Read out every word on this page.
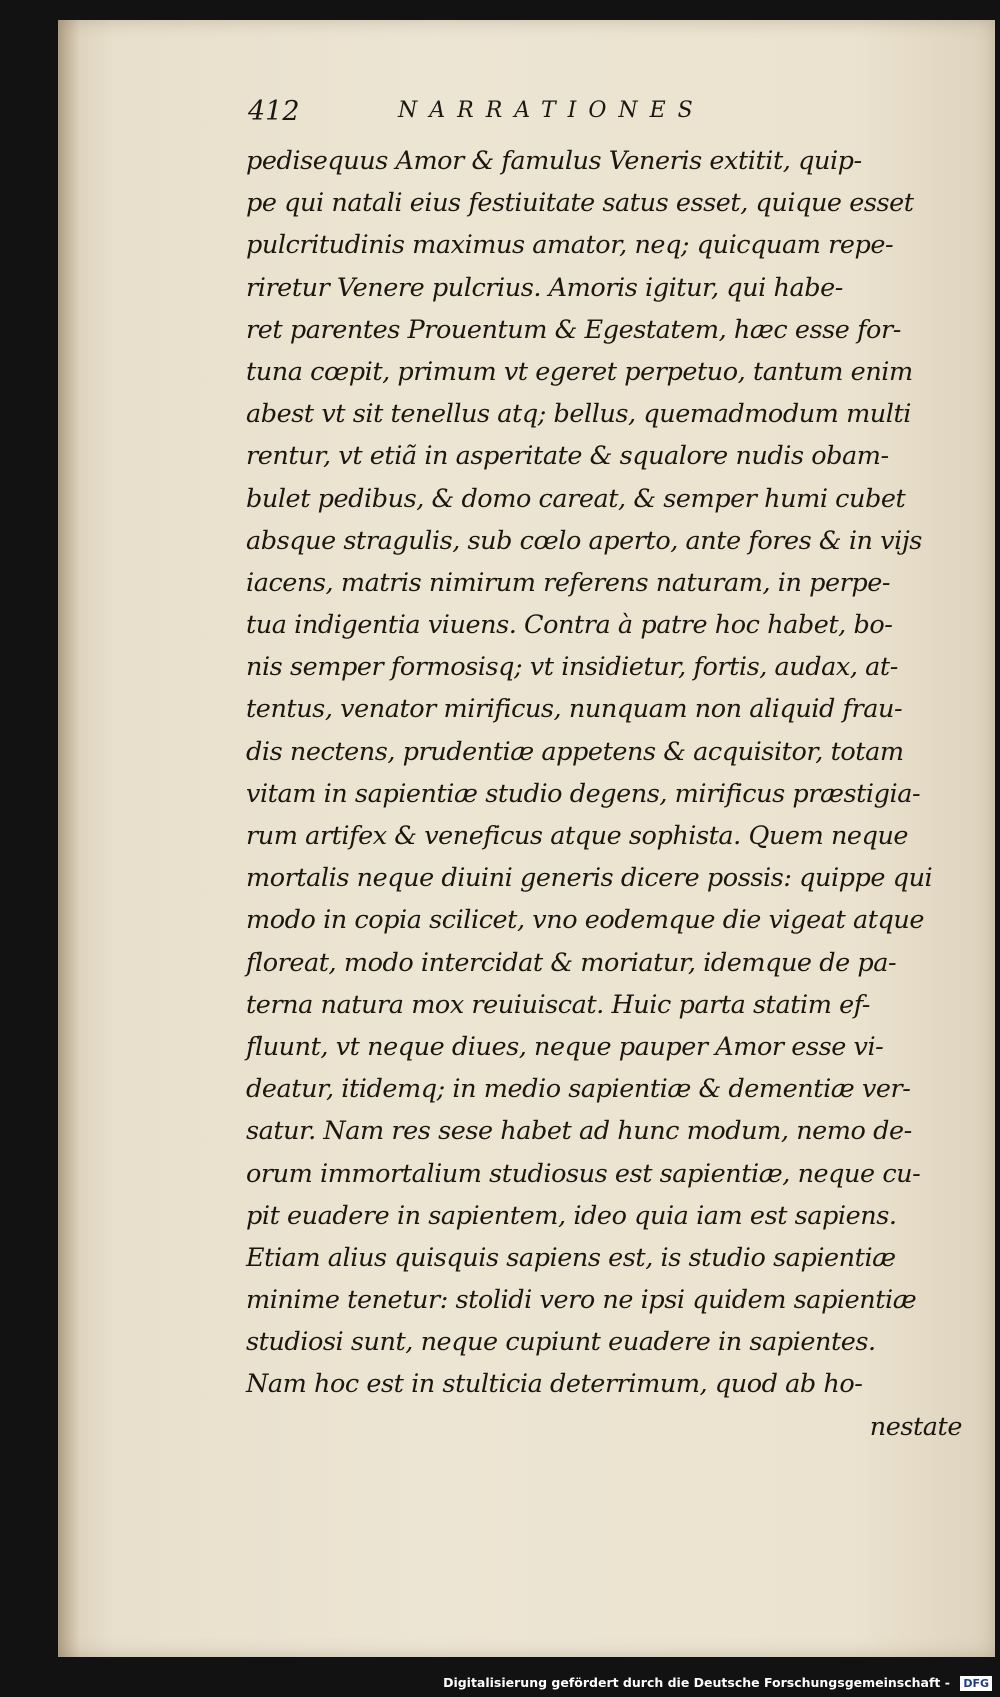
412	NARRATIONES
pedisequus Amor & famulus Veneris extitit, quip-
pe qui natali eius festiuitate satus esset, quique esset
pulcritudinis maximus amator, neq; quicquam repe-
riretur Venere pulcrius. Amoris igitur, qui habe-
ret parentes Prouentum & Egestatem, hæc esse for-
tuna cœpit, primum vt egeret perpetuo, tantum enim
abest vt sit tenellus atq; bellus, quemadmodum multi
rentur, vt etiã in asperitate & squalore nudis obam-
bulet pedibus, & domo careat, & semper humi cubet
absque stragulis, sub cœlo aperto, ante fores & in vijs
iacens, matris nimirum referens naturam, in perpe-
tua indigentia viuens. Contra à patre hoc habet, bo-
nis semper formosisq; vt insidietur, fortis, audax, at-
tentus, venator mirificus, nunquam non aliquid frau-
dis nectens, prudentiæ appetens & acquisitor, totam
vitam in sapientiæ studio degens, mirificus præstigia-
rum artifex & veneficus atque sophista. Quem neque
mortalis neque diuini generis dicere possis: quippe qui
modo in copia scilicet, vno eodemque die vigeat atque
floreat, modo intercidat & moriatur, idemque de pa-
terna natura mox reuiuiscat. Huic parta statim ef-
fluunt, vt neque diues, neque pauper Amor esse vi-
deatur, itidemq; in medio sapientiæ & dementiæ ver-
satur. Nam res sese habet ad hunc modum, nemo de-
orum immortalium studiosus est sapientiæ, neque cu-
pit euadere in sapientem, ideo quia iam est sapiens.
Etiam alius quisquis sapiens est, is studio sapientiæ
minime tenetur: stolidi vero ne ipsi quidem sapientiæ
studiosi sunt, neque cupiunt euadere in sapientes.
Nam hoc est in stulticia deterrimum, quod ab ho-
nestate
Digitalisierung gefördert durch die Deutsche Forschungsgemeinschaft - DFG
